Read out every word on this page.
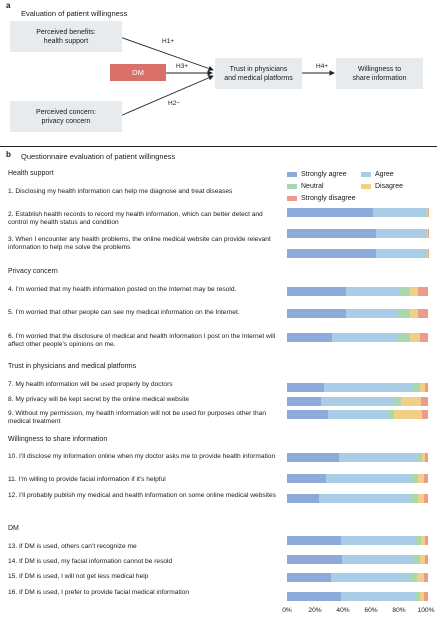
a
Evaluation of patient willingness
Perceived benefits:
health support
DM
Perceived concern:
privacy concern
Trust in physicians
and medical platforms
Willingness to
share information
H1+
H3+
H2−
H4+
b Questionnaire evaluation of patient willingness
Strongly agree	Agree
Neutral	Disagree
Strongly disagree
Health support
Privacy concern
Trust in physicians and medical platforms
Willingness to share information
DM
1. Disclosing my health information can help me diagnose and treat diseases
2. Establish health records to record my health information, which can better detect and control my health status and condition
3. When I encounter any health problems, the online medical website can provide relevant information to help me solve the problems
4. I’m worried that my health information posted on the Internet may be resold.
5. I’m worried that other people can see my medical information on the Internet.
6. I’m worried that the disclosure of medical and health information I post on the Internet will affect other people’s opinions on me.
7. My health information will be used properly by doctors
8. My privacy will be kept secret by the online medical website
9. Without my permission, my health information will not be used for purposes other than medical treatment
10. I’ll disclose my information online when my doctor asks me to provide health information
11. I’m willing to provide facial information if it’s helpful
12. I’ll probably publish my medical and health information on some online medical websites
13. If DM is used, others can’t recognize me
14. If DM is used, my facial information cannot be resold
15. If DM is used, I will not get less medical help
16. If DM is used, I prefer to provide facial medical information
0%	20% 40% 60% 80% 100%
